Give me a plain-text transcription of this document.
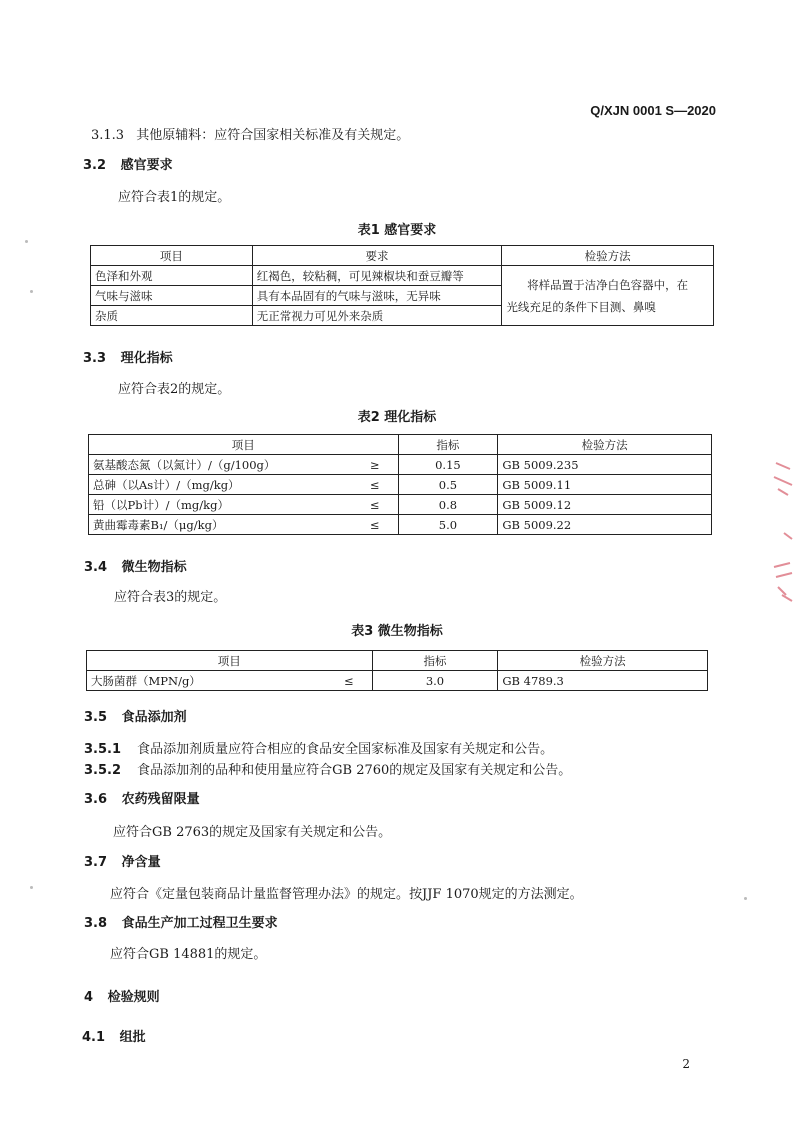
Q/XJN 0001 S—2020
3.1.3 其他原辅料：应符合国家相关标准及有关规定。
3.2 感官要求
应符合表1的规定。
表1 感官要求
项目	要求	检验方法
色泽和外观	红褐色，较粘稠，可见辣椒块和蚕豆瓣等	将样品置于洁净白色容器中，在
光线充足的条件下目测、鼻嗅

气味与滋味	具有本品固有的气味与滋味，无异味	
杂质	无正常视力可见外来杂质	
3.3 理化指标
应符合表2的规定。
表2 理化指标
项目		指标	检验方法
氨基酸态氮（以氮计）/（g/100g）	≥	0.15	GB 5009.235
总砷（以As计）/（mg/kg）	≤	0.5	GB 5009.11
铅（以Pb计）/（mg/kg）	≤	0.8	GB 5009.12
黄曲霉毒素B₁/（μg/kg）	≤	5.0	GB 5009.22
3.4 微生物指标
应符合表3的规定。
表3 微生物指标
项目		指标	检验方法
大肠菌群（MPN/g）	≤	3.0	GB 4789.3
3.5 食品添加剂
3.5.1 食品添加剂质量应符合相应的食品安全国家标准及国家有关规定和公告。
3.5.2 食品添加剂的品种和使用量应符合GB 2760的规定及国家有关规定和公告。
3.6 农药残留限量
应符合GB 2763的规定及国家有关规定和公告。
3.7 净含量
应符合《定量包装商品计量监督管理办法》的规定。按JJF 1070规定的方法测定。
3.8 食品生产加工过程卫生要求
应符合GB 14881的规定。
4 检验规则
4.1 组批
2
